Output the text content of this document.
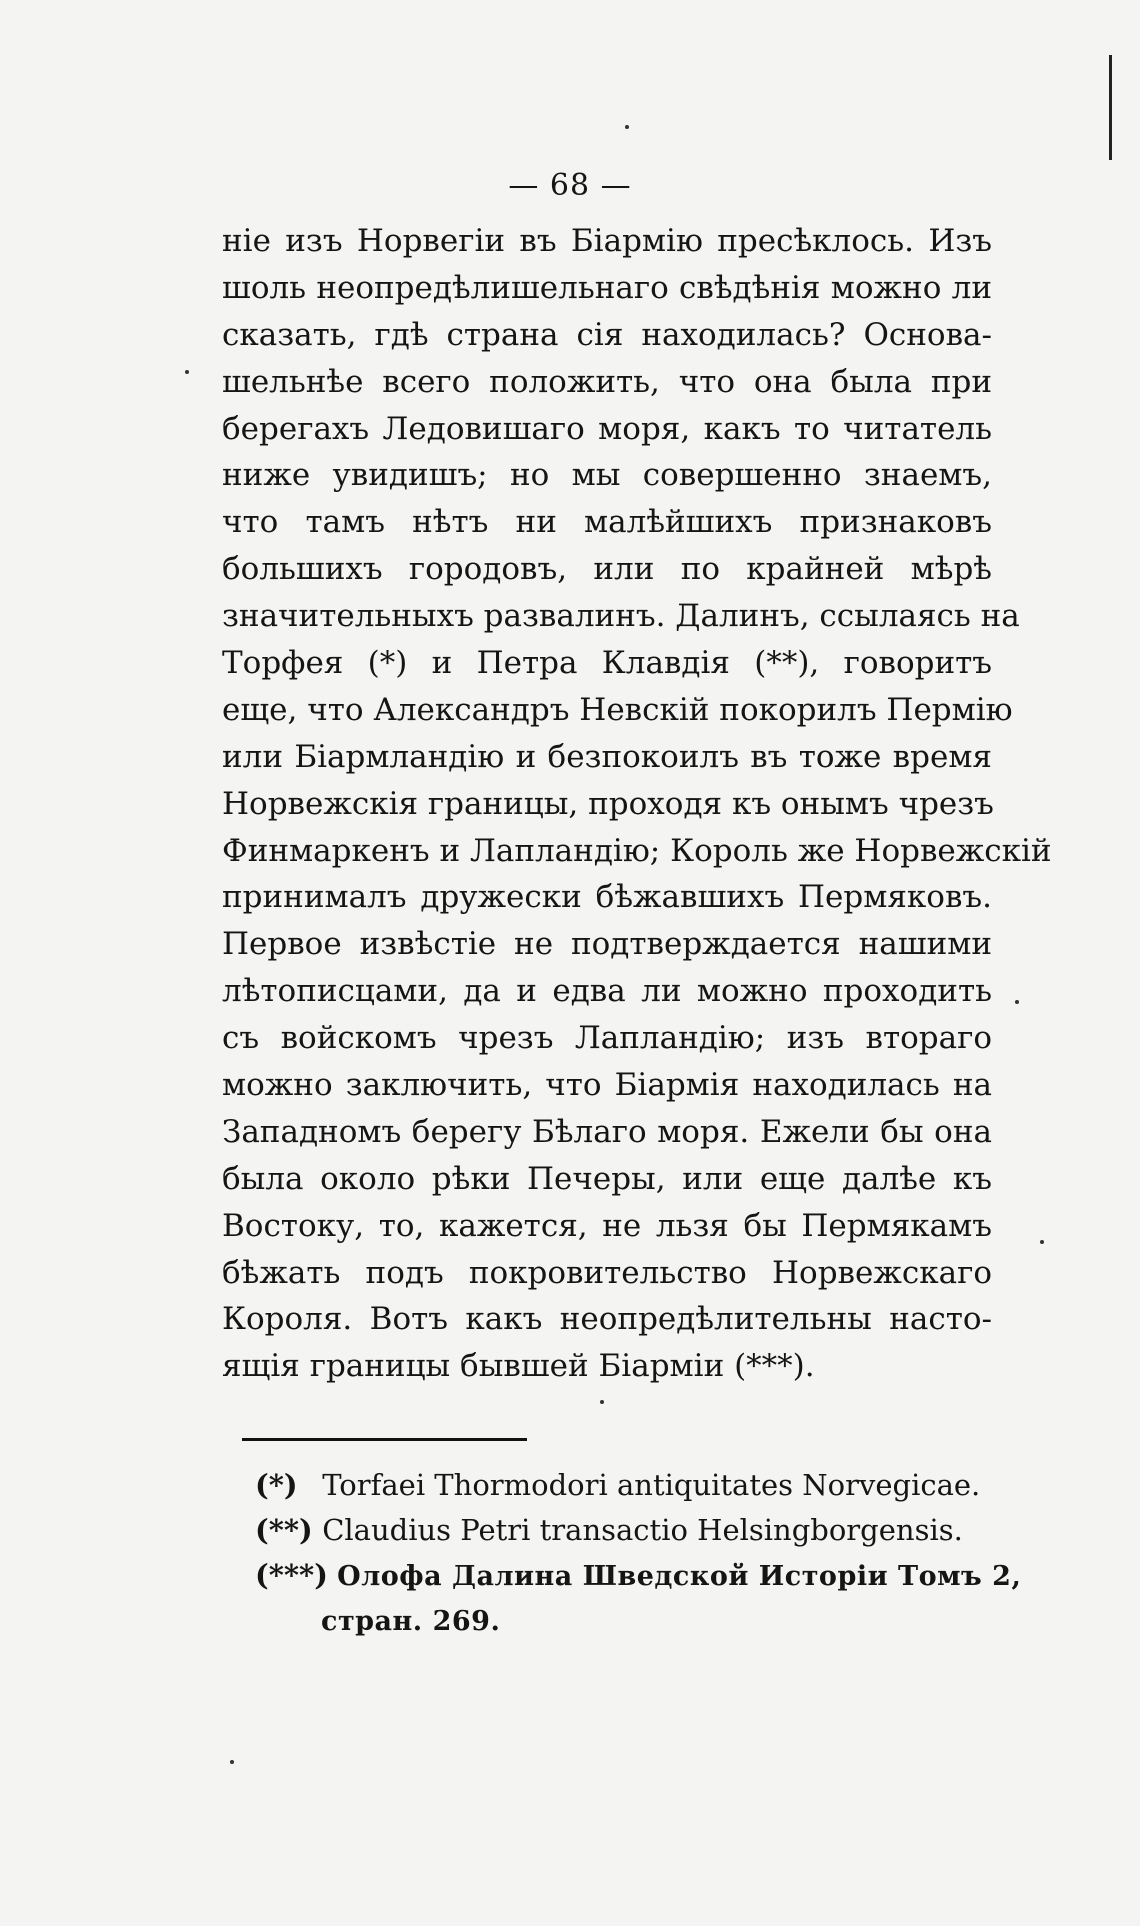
— 68 —
ніе изъ Норвегіи въ Біармію пресѣклось. Изъ
шоль неопредѣлишельнаго свѣдѣнія можно ли
сказать, гдѣ страна сія находилась? Основа-
шельнѣе всего положить, что она была при
берегахъ Ледовишаго моря, какъ то читатель
ниже увидишъ; но мы совершенно знаемъ,
что тамъ нѣтъ ни малѣйшихъ признаковъ
большихъ городовъ, или по крайней мѣрѣ
значительныхъ развалинъ. Далинъ, ссылаясь на
Торфея (*) и Петра Клавдія (**), говоритъ
еще, что Александръ Невскій покорилъ Пермію
или Біармландію и безпокоилъ въ тоже время
Норвежскія границы, проходя къ онымъ чрезъ
Финмаркенъ и Лапландію; Король же Норвежскій
принималъ дружески бѣжавшихъ Пермяковъ.
Первое извѣстіе не подтверждается нашими
лѣтописцами, да и едва ли можно проходить
съ войскомъ чрезъ Лапландію; изъ втораго
можно заключить, что Біармія находилась на
Западномъ берегу Бѣлаго моря. Ежели бы она
была около рѣки Печеры, или еще далѣе къ
Востоку, то, кажется, не льзя бы Пермякамъ
бѣжать подъ покровительство Норвежскаго
Короля. Вотъ какъ неопредѣлительны насто-
ящія границы бывшей Біарміи (***).
(*) Torfaei Thormodori antiquitates Norvegicae.
(**) Claudius Petri transactio Helsingborgensis.
(***) Олофа Далина Шведской Исторіи Томъ 2,
стран. 269.
